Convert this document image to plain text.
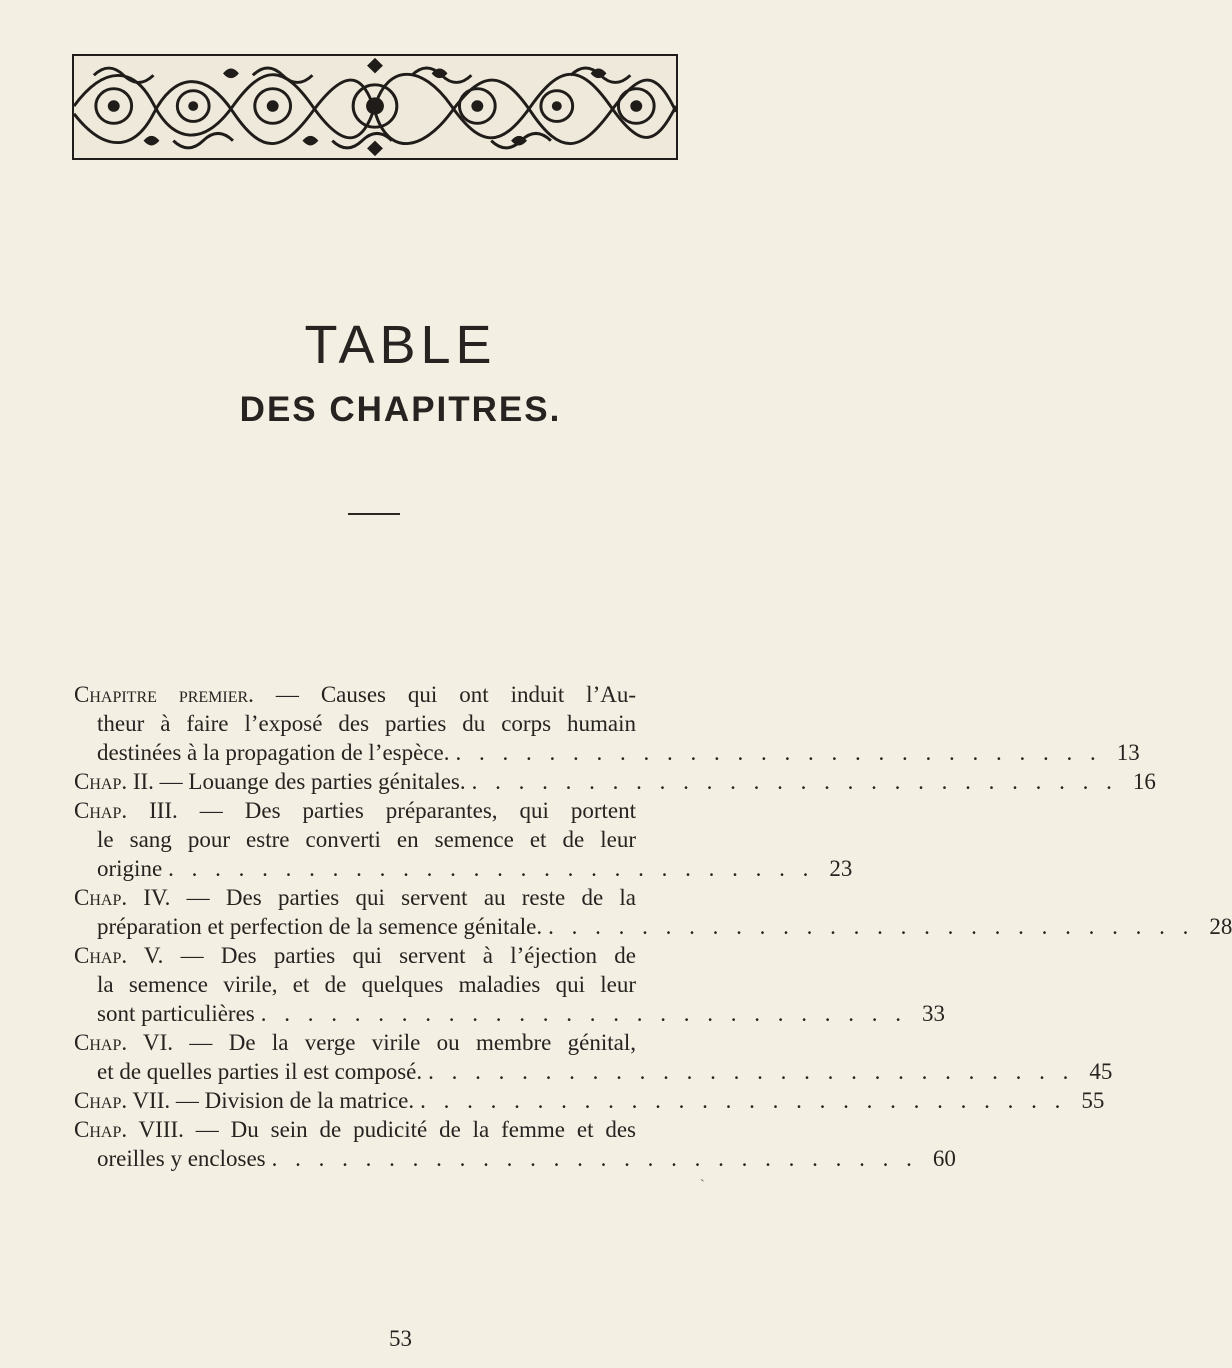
TABLE
DES CHAPITRES.
Chapitre premier. — Causes qui ont induit l’Au-
theur à faire l’exposé des parties du corps humain
destinées à la propagation de l’espèce. . . . . . . . . . . . . . . . . . . . . . . . . . . . . 13
Chap. II. — Louange des parties génitales. . . . . . . . . . . . . . . . . . . . . . . . . . . . . 16
Chap. III. — Des parties préparantes, qui portent
le sang pour estre converti en semence et de leur
origine . . . . . . . . . . . . . . . . . . . . . . . . . . . . 23
Chap. IV. — Des parties qui servent au reste de la
préparation et perfection de la semence génitale. . . . . . . . . . . . . . . . . . . . . . . . . . . . . 28
Chap. V. — Des parties qui servent à l’éjection de
la semence virile, et de quelques maladies qui leur
sont particulières . . . . . . . . . . . . . . . . . . . . . . . . . . . . 33
Chap. VI. — De la verge virile ou membre génital,
et de quelles parties il est composé. . . . . . . . . . . . . . . . . . . . . . . . . . . . . 45
Chap. VII. — Division de la matrice. . . . . . . . . . . . . . . . . . . . . . . . . . . . . 55
Chap. VIII. — Du sein de pudicité de la femme et des
oreilles y encloses . . . . . . . . . . . . . . . . . . . . . . . . . . . . 60
ˋ
53
